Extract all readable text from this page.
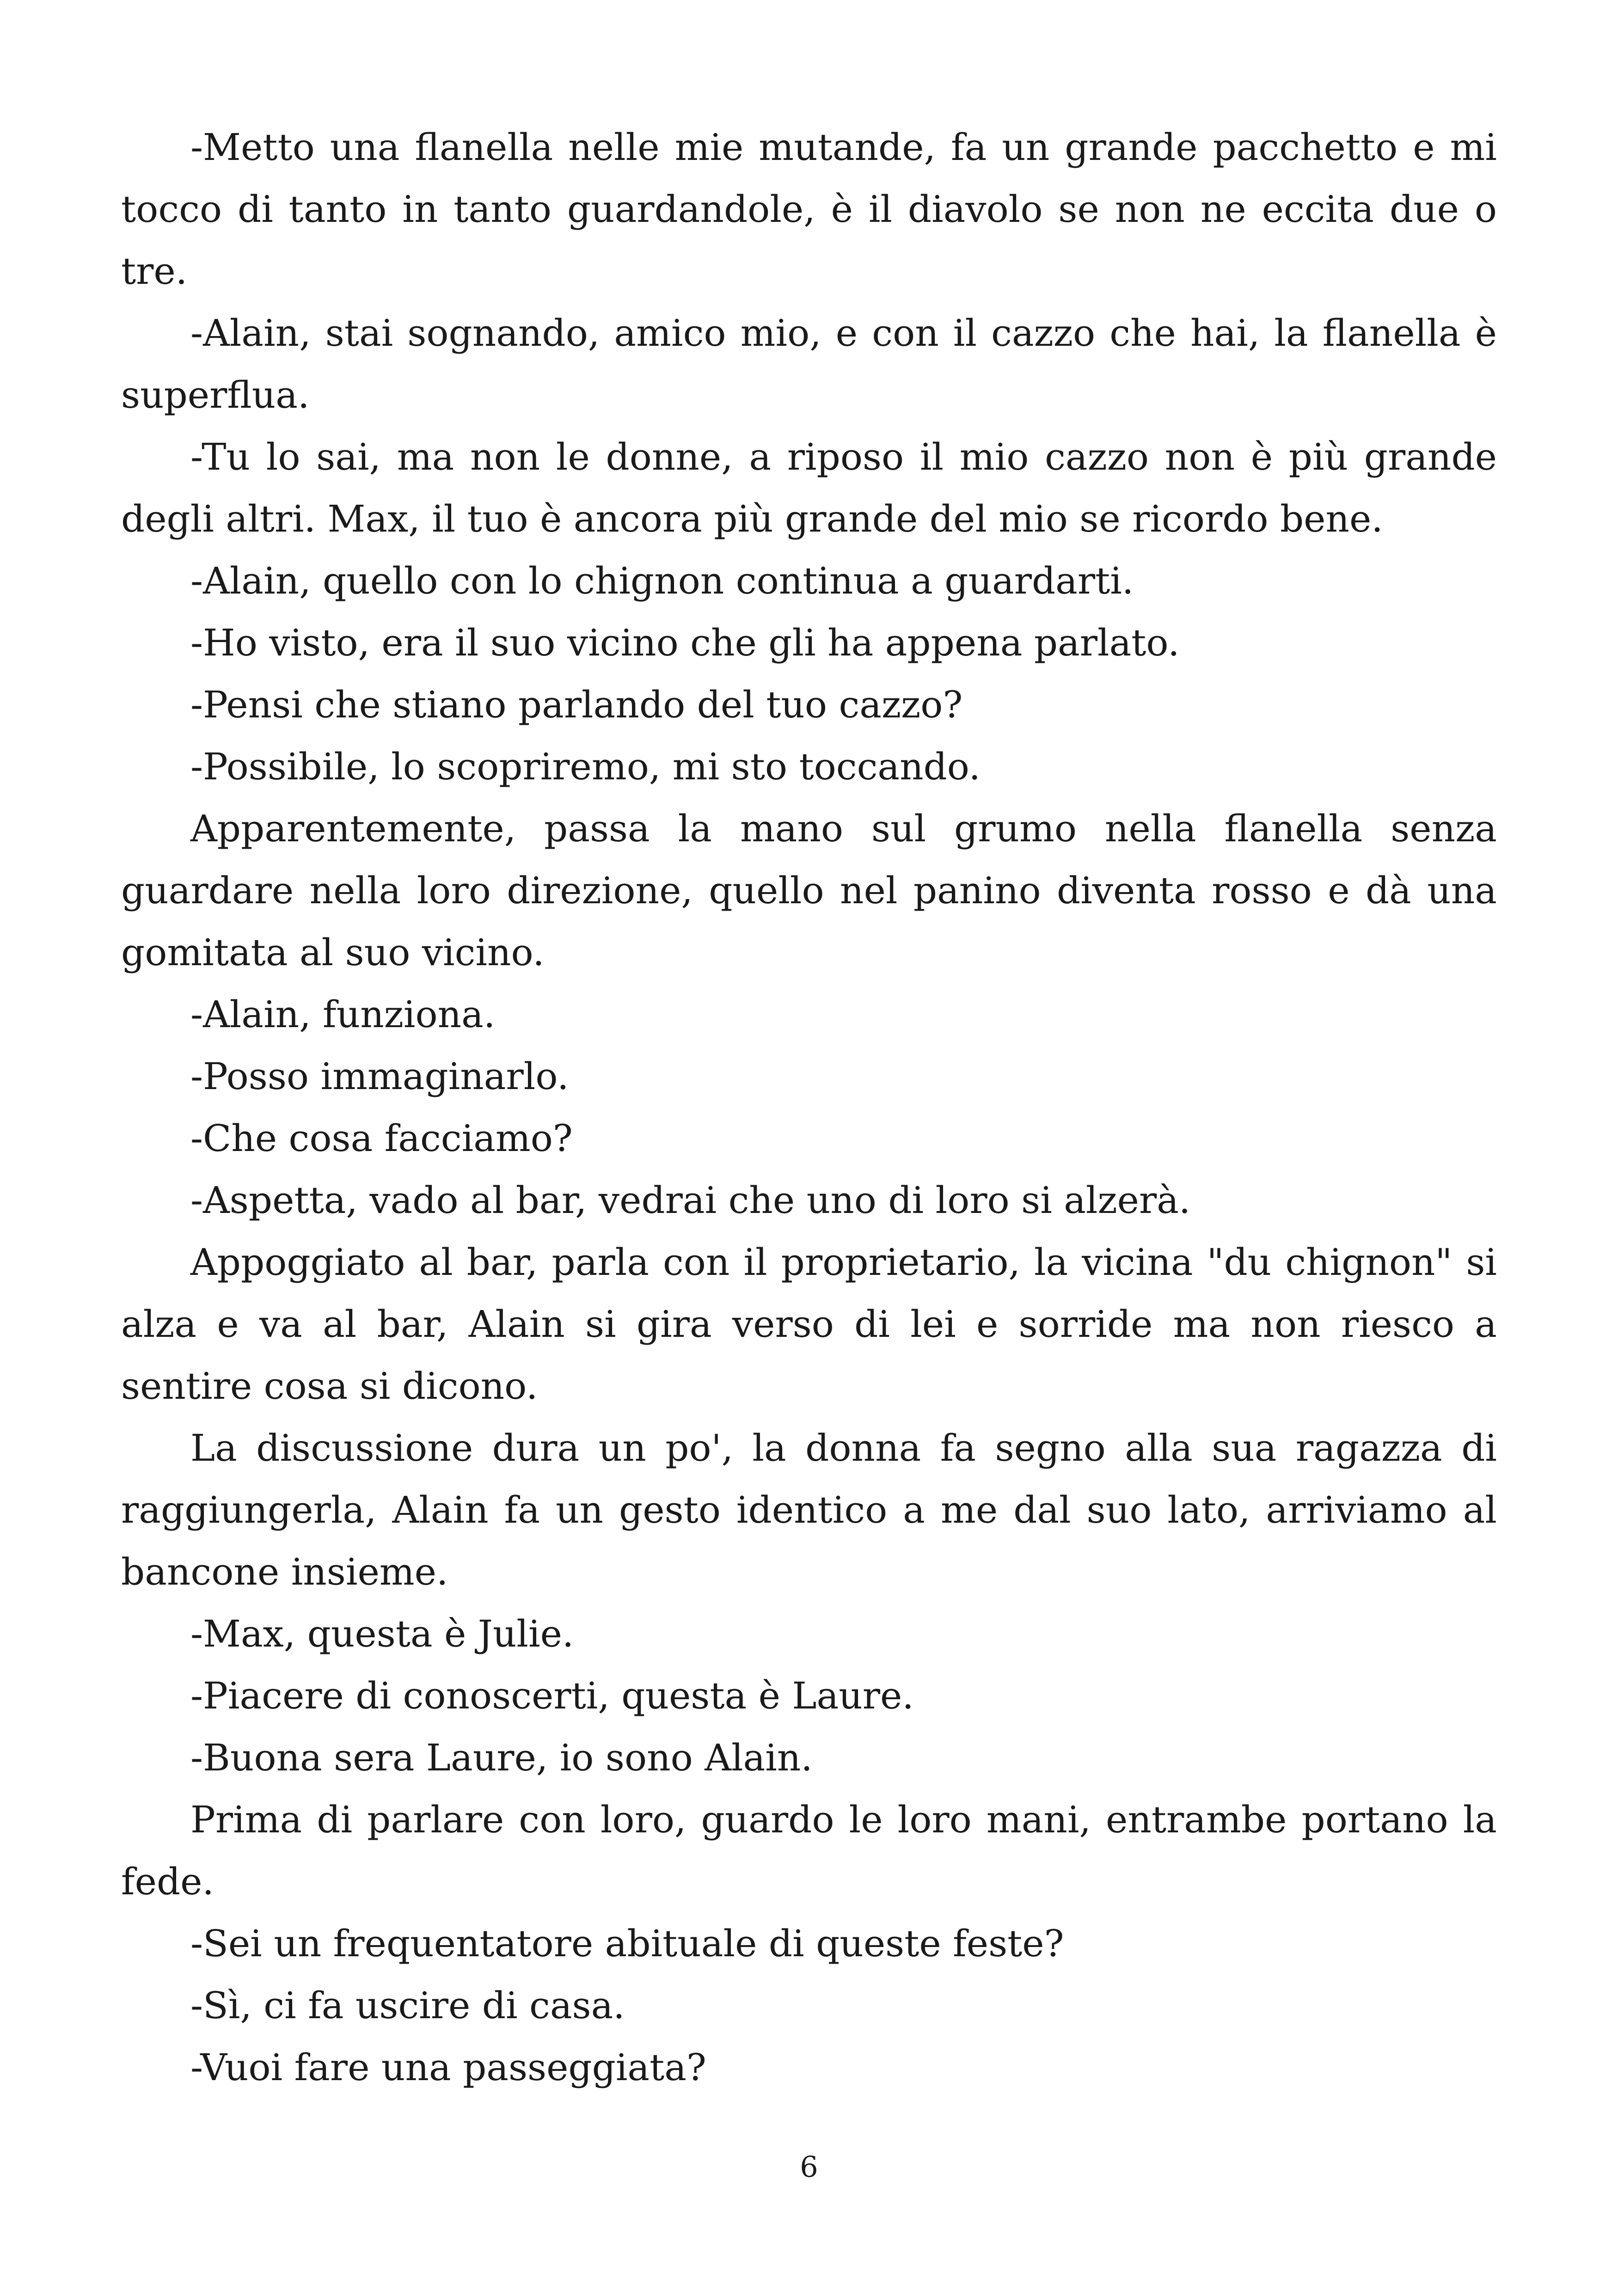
-Metto una flanella nelle mie mutande, fa un grande pacchetto e mi tocco di tanto in tanto guardandole, è il diavolo se non ne eccita due o tre.

-Alain, stai sognando, amico mio, e con il cazzo che hai, la flanella è superflua.

-Tu lo sai, ma non le donne, a riposo il mio cazzo non è più grande degli altri. Max, il tuo è ancora più grande del mio se ricordo bene.

-Alain, quello con lo chignon continua a guardarti.

-Ho visto, era il suo vicino che gli ha appena parlato.

-Pensi che stiano parlando del tuo cazzo?

-Possibile, lo scopriremo, mi sto toccando.

Apparentemente, passa la mano sul grumo nella flanella senza guardare nella loro direzione, quello nel panino diventa rosso e dà una gomitata al suo vicino.

-Alain, funziona.

-Posso immaginarlo.

-Che cosa facciamo?

-Aspetta, vado al bar, vedrai che uno di loro si alzerà.

Appoggiato al bar, parla con il proprietario, la vicina "du chignon" si alza e va al bar, Alain si gira verso di lei e sorride ma non riesco a sentire cosa si dicono.

La discussione dura un po', la donna fa segno alla sua ragazza di raggiungerla, Alain fa un gesto identico a me dal suo lato, arriviamo al bancone insieme.

-Max, questa è Julie.

-Piacere di conoscerti, questa è Laure.

-Buona sera Laure, io sono Alain.

Prima di parlare con loro, guardo le loro mani, entrambe portano la fede.

-Sei un frequentatore abituale di queste feste?

-Sì, ci fa uscire di casa.

-Vuoi fare una passeggiata?

6
